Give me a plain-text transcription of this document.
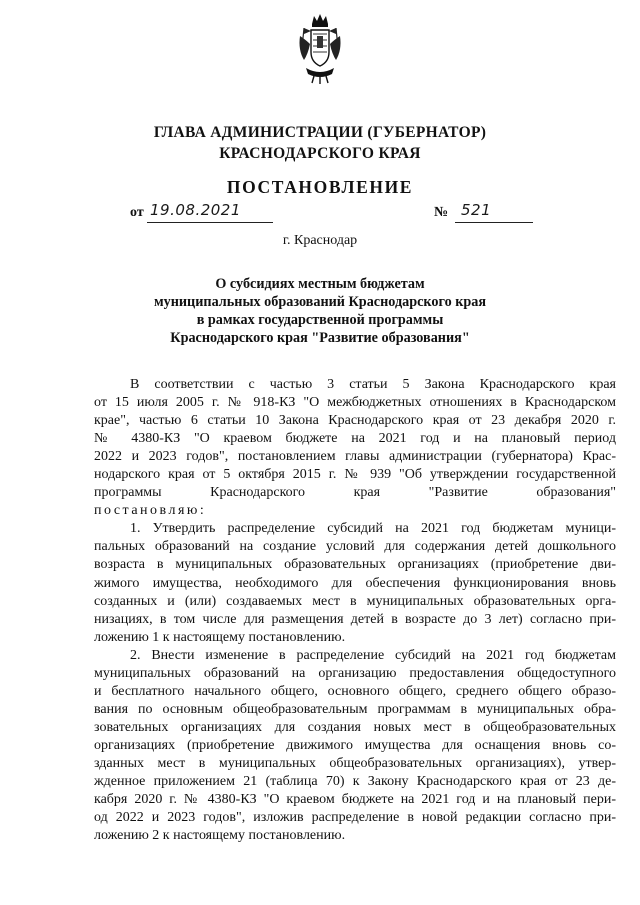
ГЛАВА АДМИНИСТРАЦИИ (ГУБЕРНАТОР)
КРАСНОДАРСКОГО КРАЯ
ПОСТАНОВЛЕНИЕ
от 19.08.2021	№ 521
г. Краснодар
О субсидиях местным бюджетам
муниципальных образований Краснодарского края
в рамках государственной программы
Краснодарского края "Развитие образования"
В соответствии с частью 3 статьи 5 Закона Краснодарского края
от 15 июля 2005 г. № 918-КЗ "О межбюджетных отношениях в Краснодарском
крае", частью 6 статьи 10 Закона Краснодарского края от 23 декабря 2020 г.
№ 4380-КЗ "О краевом бюджете на 2021 год и на плановый период
2022 и 2023 годов", постановлением главы администрации (губернатора) Крас-
нодарского края от 5 октября 2015 г. № 939 "Об утверждении государственной
программы Краснодарского края "Развитие образования"
постановляю:
1. Утвердить распределение субсидий на 2021 год бюджетам муници-
пальных образований на создание условий для содержания детей дошкольного
возраста в муниципальных образовательных организациях (приобретение дви-
жимого имущества, необходимого для обеспечения функционирования вновь
созданных и (или) создаваемых мест в муниципальных образовательных орга-
низациях, в том числе для размещения детей в возрасте до 3 лет) согласно при-
ложению 1 к настоящему постановлению.
2. Внести изменение в распределение субсидий на 2021 год бюджетам
муниципальных образований на организацию предоставления общедоступного
и бесплатного начального общего, основного общего, среднего общего образо-
вания по основным общеобразовательным программам в муниципальных обра-
зовательных организациях для создания новых мест в общеобразовательных
организациях (приобретение движимого имущества для оснащения вновь со-
зданных мест в муниципальных общеобразовательных организациях), утвер-
жденное приложением 21 (таблица 70) к Закону Краснодарского края от 23 де-
кабря 2020 г. № 4380-КЗ "О краевом бюджете на 2021 год и на плановый пери-
од 2022 и 2023 годов", изложив распределение в новой редакции согласно при-
ложению 2 к настоящему постановлению.
